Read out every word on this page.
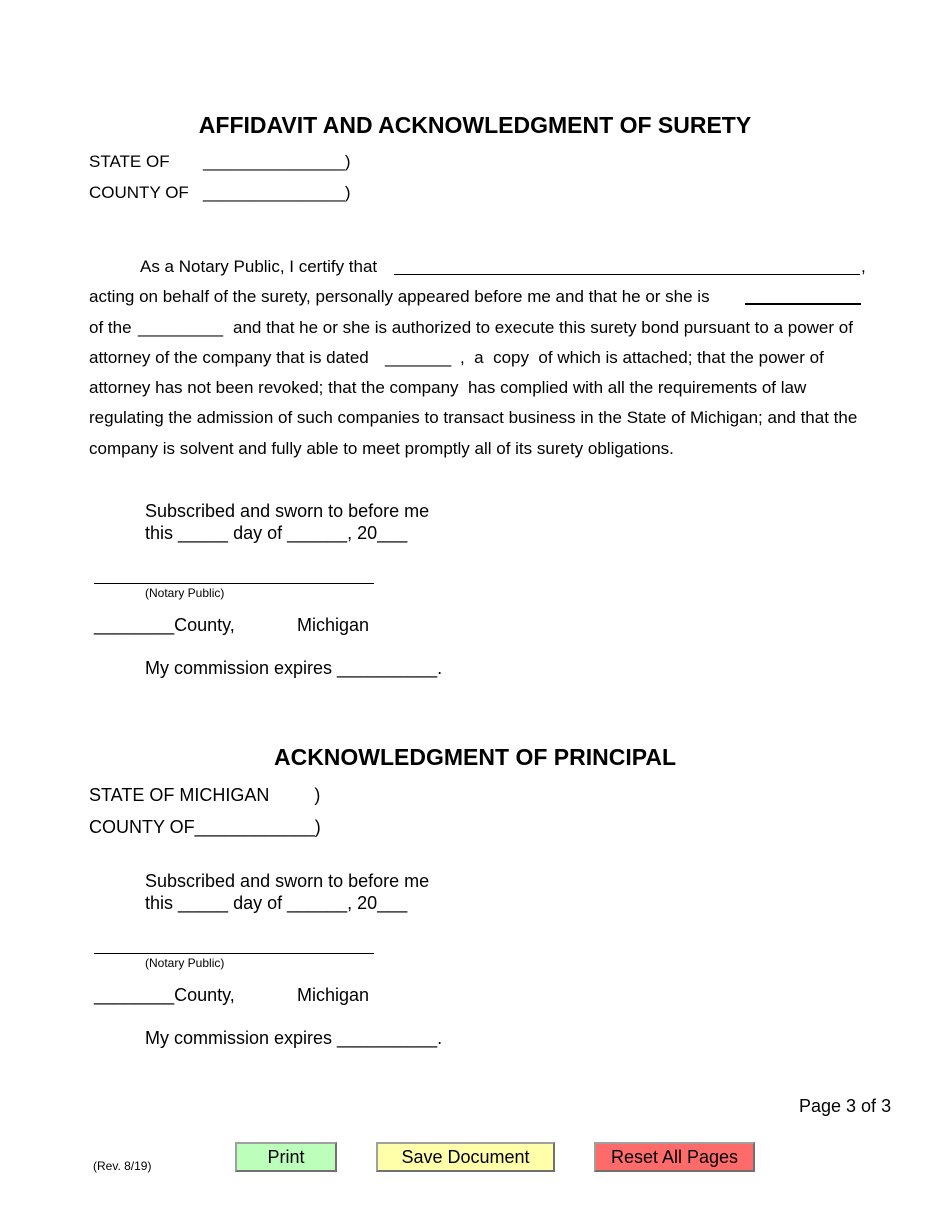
AFFIDAVIT AND ACKNOWLEDGMENT OF SURETY
STATE OF _______________)
COUNTY OF _______________)
As a Notary Public, I certify that	,
acting on behalf of the surety, personally appeared before me and that he or she is
of the _________ and that he or she is authorized to execute this surety bond pursuant to a power of
attorney of the company that is dated _______ ,  a  copy  of which is attached; that the power of
attorney has not been revoked; that the company  has complied with all the requirements of law
regulating the admission of such companies to transact business in the State of Michigan; and that the
company is solvent and fully able to meet promptly all of its surety obligations.
Subscribed and sworn to before me
this _____ day of ______, 20___
(Notary Public)
________County,	Michigan
My commission expires __________.
ACKNOWLEDGMENT OF PRINCIPAL
STATE OF MICHIGAN         )
COUNTY OF____________)
Subscribed and sworn to before me
this _____ day of ______, 20___
(Notary Public)
________County,	Michigan
My commission expires __________.
Page 3 of 3
(Rev. 8/19)	Print	Save Document	Reset All Pages
